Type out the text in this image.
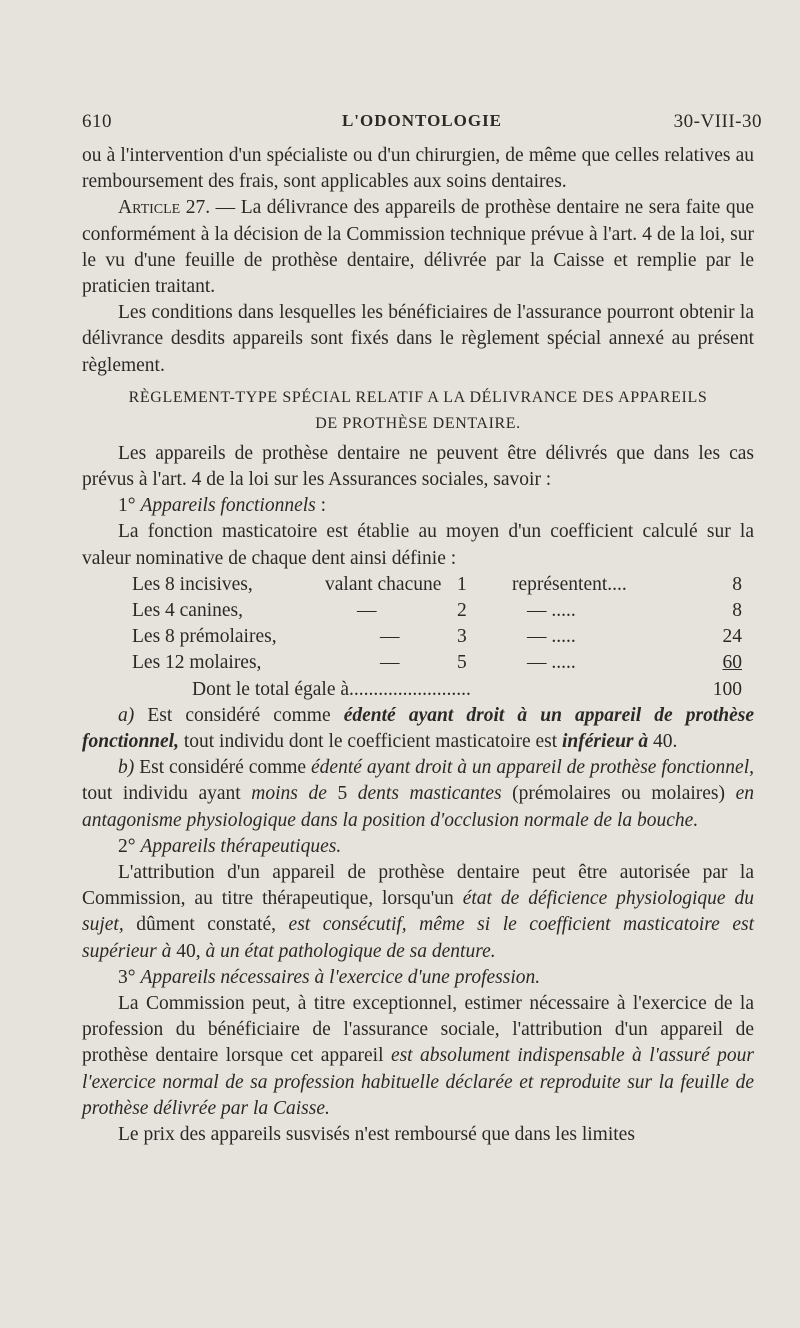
610	L'ODONTOLOGIE	30-VIII-30

ou à l'intervention d'un spécialiste ou d'un chirurgien, de même que celles relatives au remboursement des frais, sont applicables aux soins dentaires.

Article 27. — La délivrance des appareils de prothèse dentaire ne sera faite que conformément à la décision de la Commission technique prévue à l'art. 4 de la loi, sur le vu d'une feuille de prothèse dentaire, délivrée par la Caisse et remplie par le praticien traitant.

Les conditions dans lesquelles les bénéficiaires de l'assurance pourront obtenir la délivrance desdits appareils sont fixés dans le règlement spécial annexé au présent règlement.

RÈGLEMENT-TYPE SPÉCIAL RELATIF A LA DÉLIVRANCE DES APPAREILS
DE PROTHÈSE DENTAIRE.

Les appareils de prothèse dentaire ne peuvent être délivrés que dans les cas prévus à l'art. 4 de la loi sur les Assurances sociales, savoir :

1° Appareils fonctionnels :

La fonction masticatoire est établie au moyen d'un coefficient calculé sur la valeur nominative de chaque dent ainsi définie :

Les 8 incisives,	valant chacune 1 représentent....	8
Les 4 canines,	—	2	— .....	8
Les 8 prémolaires,	—	3	— .....	24
Les 12 molaires,	—	5	— .....	60
Dont le total égale à.........................	100

a) Est considéré comme édenté ayant droit à un appareil de prothèse fonctionnel, tout individu dont le coefficient masticatoire est inférieur à 40.

b) Est considéré comme édenté ayant droit à un appareil de prothèse fonctionnel, tout individu ayant moins de 5 dents masticantes (prémolaires ou molaires) en antagonisme physiologique dans la position d'occlusion normale de la bouche.

2° Appareils thérapeutiques.

L'attribution d'un appareil de prothèse dentaire peut être autorisée par la Commission, au titre thérapeutique, lorsqu'un état de déficience physiologique du sujet, dûment constaté, est consécutif, même si le coefficient masticatoire est supérieur à 40, à un état pathologique de sa denture.

3° Appareils nécessaires à l'exercice d'une profession.

La Commission peut, à titre exceptionnel, estimer nécessaire à l'exercice de la profession du bénéficiaire de l'assurance sociale, l'attribution d'un appareil de prothèse dentaire lorsque cet appareil est absolument indispensable à l'assuré pour l'exercice normal de sa profession habituelle déclarée et reproduite sur la feuille de prothèse délivrée par la Caisse.

Le prix des appareils susvisés n'est remboursé que dans les limites
